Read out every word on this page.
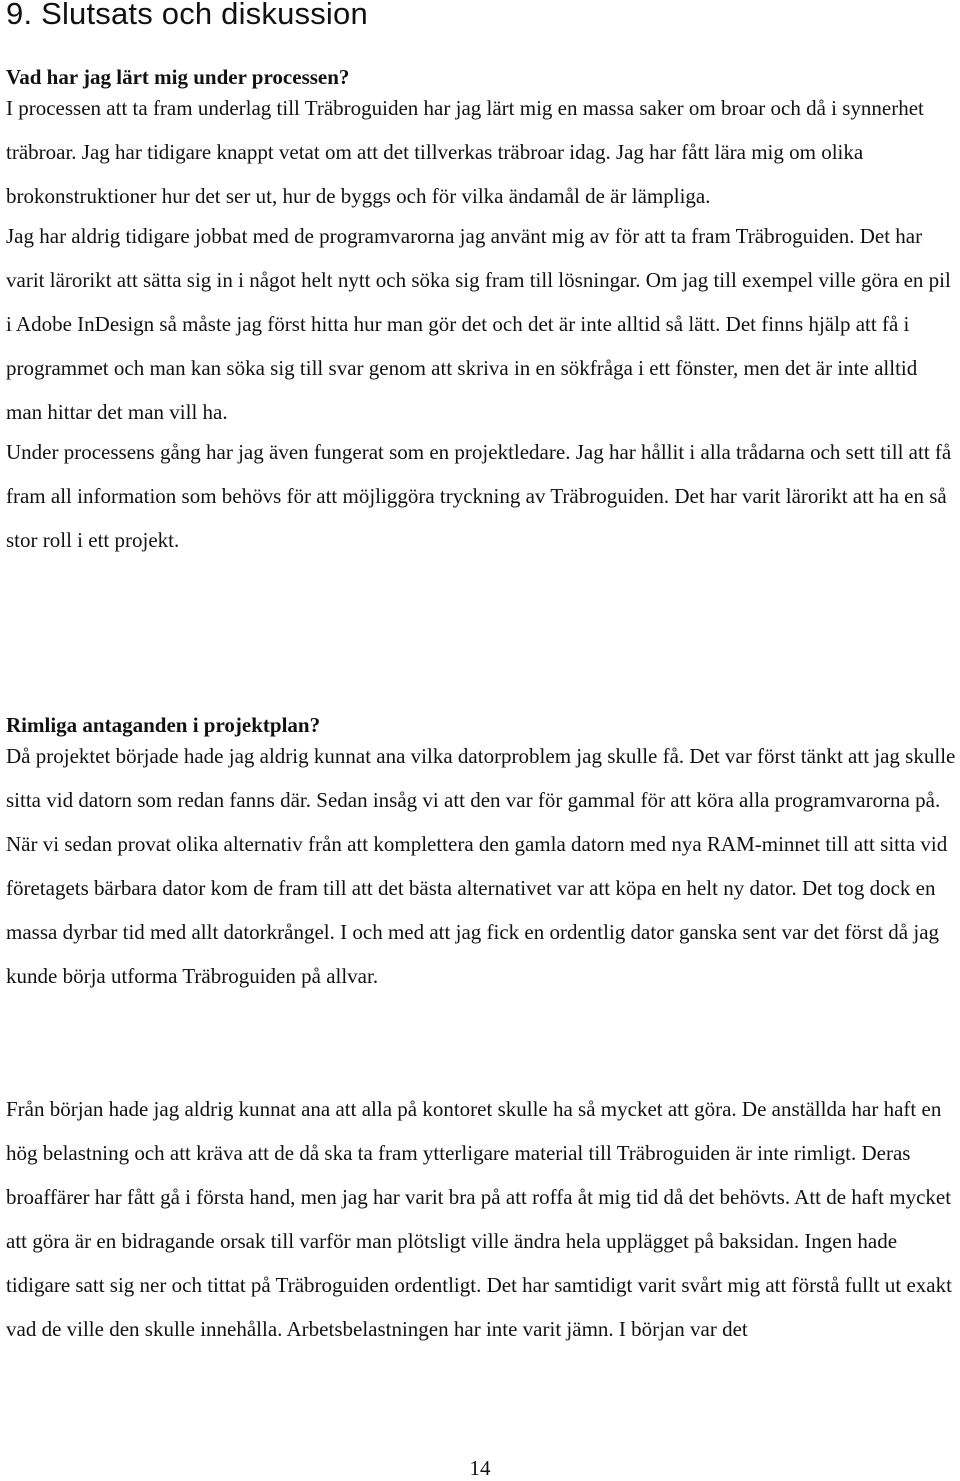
9. Slutsats och diskussion

Vad har jag lärt mig under processen?

I processen att ta fram underlag till Träbroguiden har jag lärt mig en massa saker om broar och då i synnerhet träbroar. Jag har tidigare knappt vetat om att det tillverkas träbroar idag. Jag har fått lära mig om olika brokonstruktioner hur det ser ut, hur de byggs och för vilka ändamål de är lämpliga.

Jag har aldrig tidigare jobbat med de programvarorna jag använt mig av för att ta fram Träbroguiden. Det har varit lärorikt att sätta sig in i något helt nytt och söka sig fram till lösningar. Om jag till exempel ville göra en pil i Adobe InDesign så måste jag först hitta hur man gör det och det är inte alltid så lätt. Det finns hjälp att få i programmet och man kan söka sig till svar genom att skriva in en sökfråga i ett fönster, men det är inte alltid man hittar det man vill ha.

Under processens gång har jag även fungerat som en projektledare. Jag har hållit i alla trådarna och sett till att få fram all information som behövs för att möjliggöra tryckning av Träbroguiden. Det har varit lärorikt att ha en så stor roll i ett projekt.

Rimliga antaganden i projektplan?

Då projektet började hade jag aldrig kunnat ana vilka datorproblem jag skulle få. Det var först tänkt att jag skulle sitta vid datorn som redan fanns där. Sedan insåg vi att den var för gammal för att köra alla programvarorna på. När vi sedan provat olika alternativ från att komplettera den gamla datorn med nya RAM-minnet till att sitta vid företagets bärbara dator kom de fram till att det bästa alternativet var att köpa en helt ny dator. Det tog dock en massa dyrbar tid med allt datorkrångel. I och med att jag fick en ordentlig dator ganska sent var det först då jag kunde börja utforma Träbroguiden på allvar.

Från början hade jag aldrig kunnat ana att alla på kontoret skulle ha så mycket att göra. De anställda har haft en hög belastning och att kräva att de då ska ta fram ytterligare material till Träbroguiden är inte rimligt. Deras broaffärer har fått gå i första hand, men jag har varit bra på att roffa åt mig tid då det behövts. Att de haft mycket att göra är en bidragande orsak till varför man plötsligt ville ändra hela upplägget på baksidan. Ingen hade tidigare satt sig ner och tittat på Träbroguiden ordentligt. Det har samtidigt varit svårt mig att förstå fullt ut exakt vad de ville den skulle innehålla. Arbetsbelastningen har inte varit jämn. I början var det

14
